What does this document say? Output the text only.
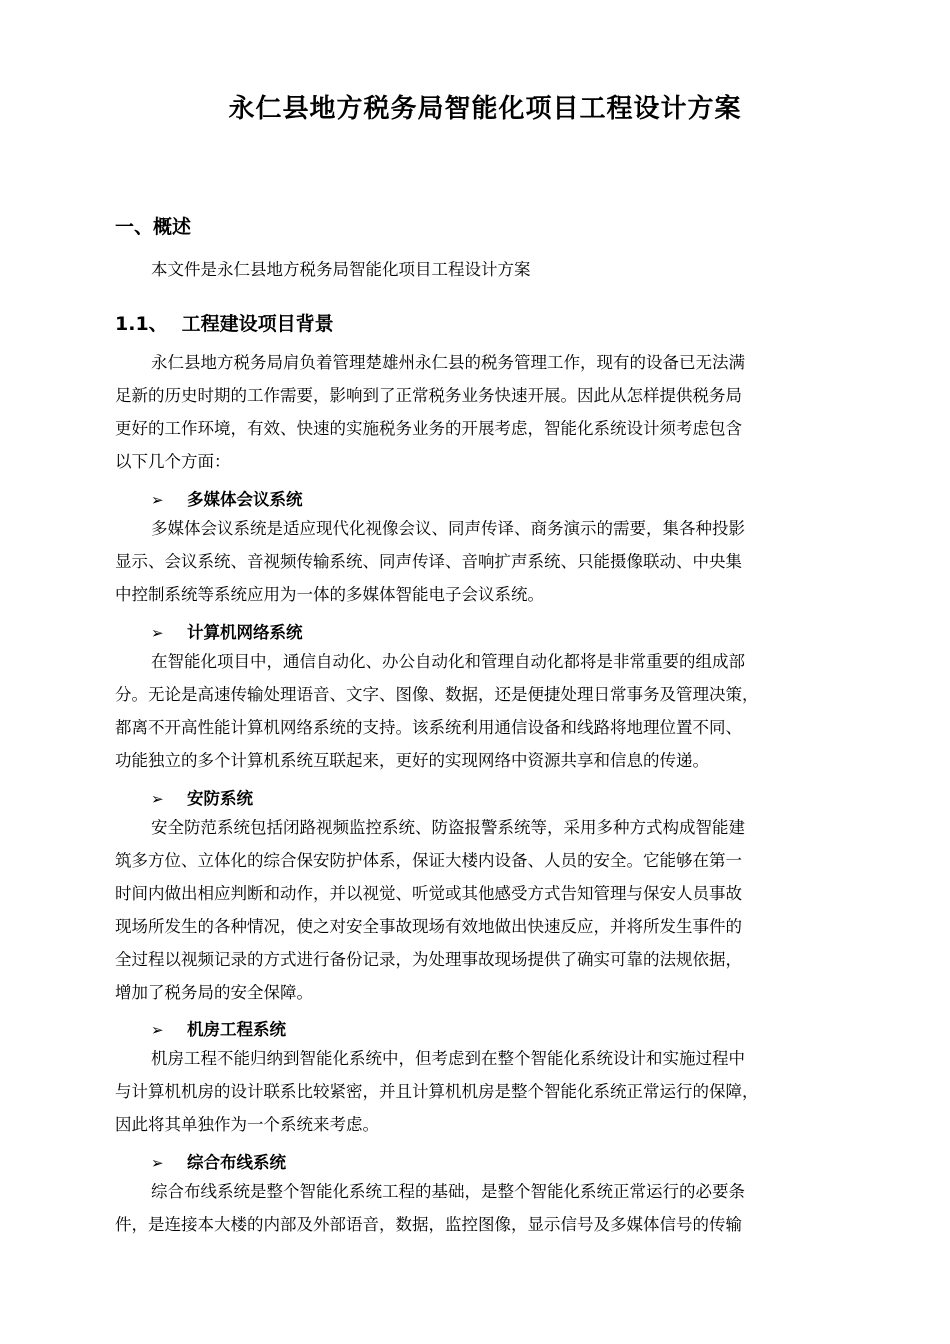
永仁县地方税务局智能化项目工程设计方案
一、概述
本文件是永仁县地方税务局智能化项目工程设计方案
1.1、 工程建设项目背景
永仁县地方税务局肩负着管理楚雄州永仁县的税务管理工作，现有的设备已无法满
足新的历史时期的工作需要，影响到了正常税务业务快速开展。因此从怎样提供税务局
更好的工作环境，有效、快速的实施税务业务的开展考虑，智能化系统设计须考虑包含
以下几个方面：
➢ 多媒体会议系统
多媒体会议系统是适应现代化视像会议、同声传译、商务演示的需要，集各种投影
显示、会议系统、音视频传输系统、同声传译、音响扩声系统、只能摄像联动、中央集
中控制系统等系统应用为一体的多媒体智能电子会议系统。
➢ 计算机网络系统
在智能化项目中，通信自动化、办公自动化和管理自动化都将是非常重要的组成部
分。无论是高速传输处理语音、文字、图像、数据，还是便捷处理日常事务及管理决策，
都离不开高性能计算机网络系统的支持。该系统利用通信设备和线路将地理位置不同、
功能独立的多个计算机系统互联起来，更好的实现网络中资源共享和信息的传递。
➢ 安防系统
安全防范系统包括闭路视频监控系统、防盗报警系统等，采用多种方式构成智能建
筑多方位、立体化的综合保安防护体系，保证大楼内设备、人员的安全。它能够在第一
时间内做出相应判断和动作，并以视觉、听觉或其他感受方式告知管理与保安人员事故
现场所发生的各种情况，使之对安全事故现场有效地做出快速反应，并将所发生事件的
全过程以视频记录的方式进行备份记录，为处理事故现场提供了确实可靠的法规依据，
增加了税务局的安全保障。
➢ 机房工程系统
机房工程不能归纳到智能化系统中，但考虑到在整个智能化系统设计和实施过程中
与计算机机房的设计联系比较紧密，并且计算机机房是整个智能化系统正常运行的保障，
因此将其单独作为一个系统来考虑。
➢ 综合布线系统
综合布线系统是整个智能化系统工程的基础，是整个智能化系统正常运行的必要条
件，是连接本大楼的内部及外部语音，数据，监控图像，显示信号及多媒体信号的传输
